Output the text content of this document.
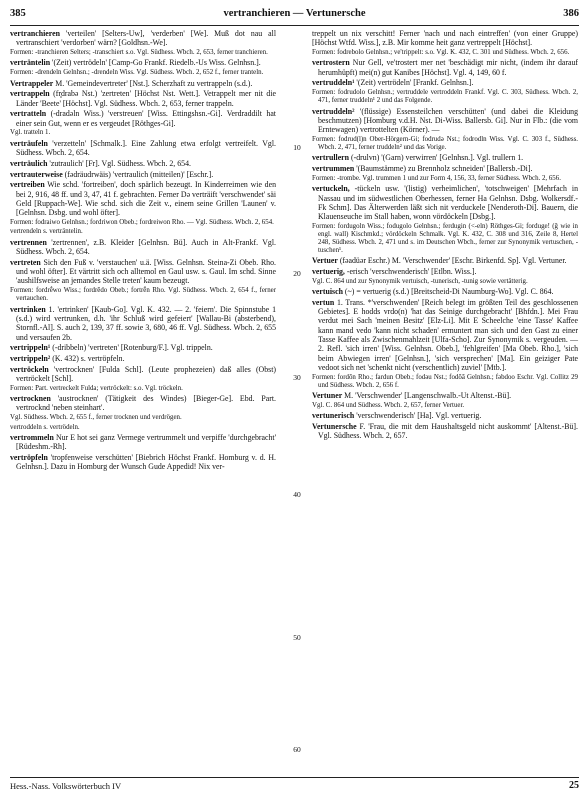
385	vertranchieren — Vertunersche	386

vertranchieren 'verteilen' [Selters-Uw], 'verderben' [We]. Muß dot nau all vertranschiert 'verdorben' wärn? [Goldhsn.-We].

Formen: -tranchieren Selters; -transchiert s.o. Vgl. Südhess. Wbch. 2, 653, ferner tranchieren.

verträntelin '(Zeit) vertrödeln' [Camp-Go Frankf. Riedelb.-Us Wiss. Gelnhsn.].

Formen: -drendeln Gelnhsn.; -drendeln Wiss. Vgl. Südhess. Wbch. 2, 652 f., ferner tranteln.

Vertrappeler M. 'Gemeindevertreter' [Nst.]. Scherzhaft zu vertrappeln (s.d.).

vertrappeln (fr̥drabǝ Nst.) 'zertreten' [Höchst Nst. Wett.]. Vetrappelt mer nit die Länder 'Beete' [Höchst]. Vgl. Südhess. Wbch. 2, 653, ferner trappeln.

vertratteln (-dradǝln Wiss.) 'verstreuen' [Wiss. Ettingshsn.-Gi]. Verdraddilt hat einer sein Gut, wenn er es vergeudet [Röthges-Gi].

Vgl. tratteln 1.

verträufeln 'verzetteln' [Schmalk.]. Eine Zahlung etwa erfolgt vertreifelt. Vgl. Südhess. Wbch. 2, 654.

verträulich 'zutraulich' [Fr]. Vgl. Südhess. Wbch. 2, 654.

vertrauterweise (fǝdräudrwäis) 'vertraulich (mitteilen)' [Eschr.].

vertreiben Wie schd. 'fortreiben', doch spärlich bezeugt. In Kinderreimen wie den bei 2, 916, 48 ff. und 3, 47, 41 f. gebrachten. Ferner Dǝ verträift 'verschwendet' säi Geld [Ruppach-We]. Wie schd. sich die Zeit v., einem seine Grillen 'Launen' v. [Gelnhsn. Dsbg. und wohl öfter].

Formen: fodraiwo Gelnhsn.; fordriwon Obeb.; fordreiwon Rho. — Vgl. Südhess. Wbch. 2, 654.

vertrendeln s. verträntelin.

vertrennen 'zertrennen', z.B. Kleider [Gelnhsn. Bü]. Auch in Alt-Frankf. Vgl. Südhess. Wbch. 2, 654.

vertreten Sich den Fuß v. 'verstauchen' u.ä. [Wiss. Gelnhsn. Steina-Zi Obeb. Rho. und wohl öfter]. Et värtritt sich och alltemol en Gaul usw. s. Gaul. Im schd. Sinne 'aushilfsweise an jemandes Stelle treten' kaum bezeugt.

Formen: fordrḗwo Wiss.; fordrēdo Obeb.; fortrḗn Rho. Vgl. Südhess. Wbch. 2, 654 f., ferner vertauchen.

vertrinken 1. 'ertrinken' [Kaub-Go]. Vgl. K. 432. — 2. 'feiern'. Die Spinnstube 1 (s.d.) wird vertrunken, d.h. 'ihr Schluß wird gefeiert' [Wallau-Bi (absterbend), Stornfl.-Al]. S. auch 2, 139, 37 ff. sowie 3, 680, 46 ff. Vgl. Südhess. Wbch. 2, 655 und versaufen 2b.

vertrippeln¹ (-dribbeln) 'vertreten' [Rotenburg/F.]. Vgl. trippeln.

vertrippeln² (K. 432) s. vertröpfeln.

vertröckeln 'vertrocknen' [Fulda Schl]. (Leute prophezeien) daß alles (Obst) vertröckelt [Schl].

Formen: Part. vertreckelt Fulda; vertröckelt: s.o. Vgl. tröckeln.

vertrocknen 'austrocknen' (Tätigkeit des Windes) [Bieger-Ge]. Ebd. Part. vertrocknd 'neben steinhart'.

Vgl. Südhess. Wbch. 2, 655 f., ferner trocknen und verdrögen.

vertroddeln s. vertrödeln.

vertrommeln Nur E hot sei ganz Vermege vertrummelt und verpiffe 'durchgebracht' [Rüdeshm.-Rh].

vertröpfeln 'tropfenweise verschütten' [Biebrich Höchst Frankf. Homburg v. d. H. Gelnhsn.]. Dazu in Homburg der Wunsch Gude Appedid! Nix ver-

treppelt un nix verschitt! Ferner 'nach und nach eintreffen' (von einer Gruppe) [Höchst Wtfd. Wiss.], z.B. Mir komme heit ganz vertreppelt [Höchst].

Formen: fodrebolo Gelnhsn.; ve'trippelt: s.o. Vgl. K. 432, C. 301 und Südhess. Wbch. 2, 656.

vertrostern Nur Gell, ve'trostert mer net 'beschädigt mir nicht, (indem ihr darauf herumhüpft) mei(n) gut Kanibes [Höchst]. Vgl. 4, 149, 60 f.

vertruddeln¹ '(Zeit) vertrödeln' [Frankf. Gelnhsn.].

Formen: fodrudolo Gelnhsn.; vertruddele vertroddeln Frankf. Vgl. C. 303, Südhess. Wbch. 2, 471, ferner truddeln¹ 2 und das Folgende.

vertruddeln² '(flüssige) Essensteilchen verschütten' (und dabei die Kleidung beschmutzen) [Homburg v.d.H. Nst. Di-Wiss. Ballersb. Gi]. Nur in Flb.: (die vom Erntewagen) vertrottelten (Körner). —

Formen: fodrud(l)n Ober-Hörgern-Gi; fodrudǝ Nst.; fodrodln Wiss. Vgl. C. 303 f., Südhess. Wbch. 2, 471, ferner truddeln² und das Vorige.

vertrullern (-drulvn) '(Garn) verwirren' [Gelnhsn.]. Vgl. trullern 1.

vertrummen '(Baumstämme) zu Brennholz schneiden' [Ballersb.-Di].

Formen: -trombe. Vgl. trummen 1 und zur Form 4, 156, 33, ferner Südhess. Wbch. 2, 656.

vertuckeln, -tückeln usw. '(listig) verheimlichen', 'totschweigen' [Mehrfach in Nassau und im südwestlichen Oberhessen, ferner Ha Gelnhsn. Dsbg. Wolkersdf.-Fk Schm]. Das Älterwerden läßt sich nit verduckele [Nenderoth-Di]. Bauern, die Klauenseuche im Stall haben, wonn vördöckeln [Dsbg.].

Formen: fordugoln Wiss.; fodugolo Gelnhsn.; ferdugin (<-eln) Röthges-Gi; forduge! (ǧ wie in engl. wall) Kischmkd.; vördöckeln Schmalk. Vgl. K. 432, C. 308 und 316, Zeile 8, Hertel 248, Südhess. Wbch. 2, 471 und s. im Deutschen Wbch., ferner zur Synonymik vertuschen, -tuschen¹.

Vertuer (fǝadüǝr Eschr.) M. 'Verschwender' [Eschr. Birkenfd. Sp]. Vgl. Vertuner.

vertuerig, -erisch 'verschwenderisch' [Etlbn. Wiss.].

Vgl. C. 864 und zur Synonymik vertuisch, -tunerisch, -tunig sowie vertätterig.

vertuisch (~) = vertuerig (s.d.) [Breitscheid-Di Naumburg-Wo]. Vgl. C. 864.

vertun 1. Trans. *'verschwenden' [Reich belegt im größten Teil des geschlossenen Gebietes]. E hodds vrdo(n) 'hat das Seinige durchgebracht' [Bhfdn.]. Mei Frau verdut mei Sach 'meinen Besitz' [Elz-Li]. Mit E Scheelche 'eine Tasse' Kaffee kann mand vedo 'kann nicht schaden' ermuntert man sich und den Gast zu einer Tasse Kaffee als Zwischenmahlzeit [Ulfa-Scho]. Zur Synonymik s. vergeuden. — 2. Refl. 'sich irren' [Wiss. Gelnhsn. Obeb.], 'fehlgreifen' [Ma Obeb. Rho.], 'sich beim Abwiegen irren' [Gelnhsn.], 'sich versprechen' [Ma]. Ein geiziger Pate vedoot sich net 'schenkt nicht (verschentlich) zuviel' [Mtb.].

Formen: fordōn Rho.; fardun Obeb.; fodǝu Nst.; fodōā Gelnhsn.; fǝbdoo Eschr. Vgl. Collitz 29 und Südhess. Wbch. 2, 656 f.

Vertuner M. 'Verschwender' [Langenschwalb.-Ut Altenst.-Bü].

Vgl. C. 864 und Südhess. Wbch. 2, 657, ferner Vertuer.

vertunerisch 'verschwenderisch' [Ha]. Vgl. vertuerig.

Vertunersche F. 'Frau, die mit dem Haushaltsgeld nicht auskommt' [Altenst.-Bü]. Vgl. Südhess. Wbch. 2, 657.

10
20
30
40
50
60
Hess.-Nass. Volkswörterbuch IV	25
